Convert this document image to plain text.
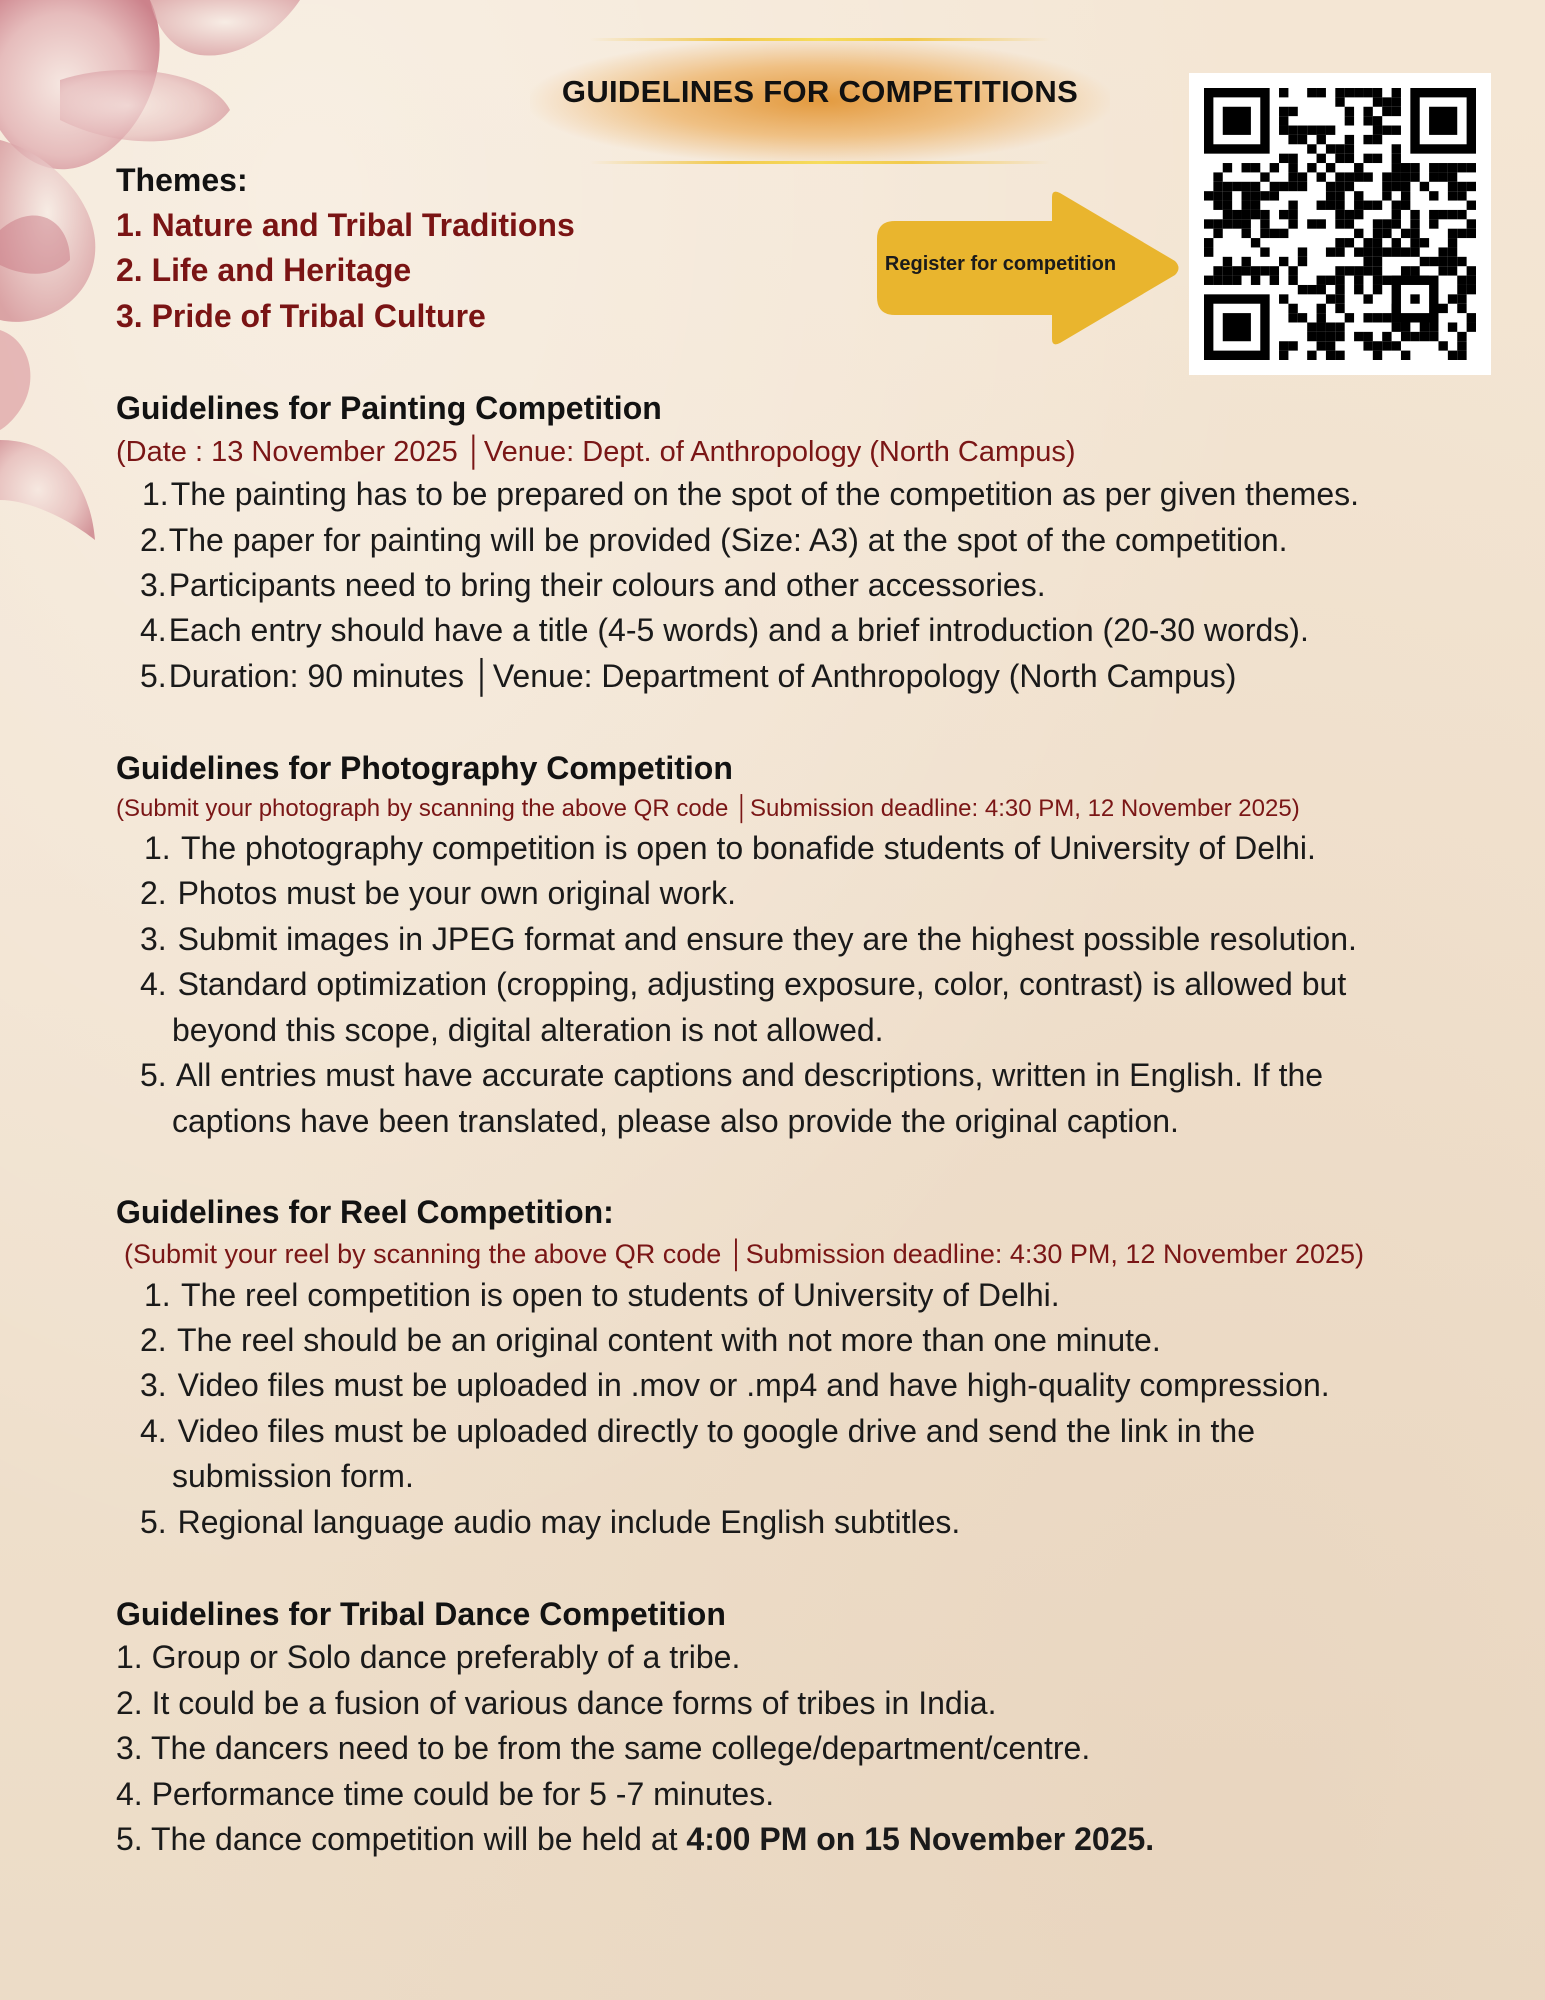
GUIDELINES FOR COMPETITIONS
Register for competition
Themes:
1. Nature and Tribal Traditions
2. Life and Heritage
3. Pride of Tribal Culture
Guidelines for Painting Competition
(Date : 13 November 2025 │Venue: Dept. of Anthropology (North Campus)
1.The painting has to be prepared on the spot of the competition as per given themes.
2.The paper for painting will be provided (Size: A3) at the spot of the competition.
3.Participants need to bring their colours and other accessories.
4.Each entry should have a title (4-5 words) and a brief introduction (20-30 words).
5.Duration: 90 minutes │Venue: Department of Anthropology (North Campus)
Guidelines for Photography Competition
(Submit your photograph by scanning the above QR code │Submission deadline: 4:30 PM, 12 November 2025)
1. The photography competition is open to bonafide students of University of Delhi.
2. Photos must be your own original work.
3. Submit images in JPEG format and ensure they are the highest possible resolution.
4. Standard optimization (cropping, adjusting exposure, color, contrast) is allowed but
beyond this scope, digital alteration is not allowed.
5. All entries must have accurate captions and descriptions, written in English. If the
captions have been translated, please also provide the original caption.
Guidelines for Reel Competition:
(Submit your reel by scanning the above QR code │Submission deadline: 4:30 PM, 12 November 2025)
1. The reel competition is open to students of University of Delhi.
2. The reel should be an original content with not more than one minute.
3. Video files must be uploaded in .mov or .mp4 and have high-quality compression.
4. Video files must be uploaded directly to google drive and send the link in the
submission form.
5. Regional language audio may include English subtitles.
Guidelines for Tribal Dance Competition
1. Group or Solo dance preferably of a tribe.
2. It could be a fusion of various dance forms of tribes in India.
3. The dancers need to be from the same college/department/centre.
4. Performance time could be for 5 -7 minutes.
5. The dance competition will be held at 4:00 PM on 15 November 2025.
